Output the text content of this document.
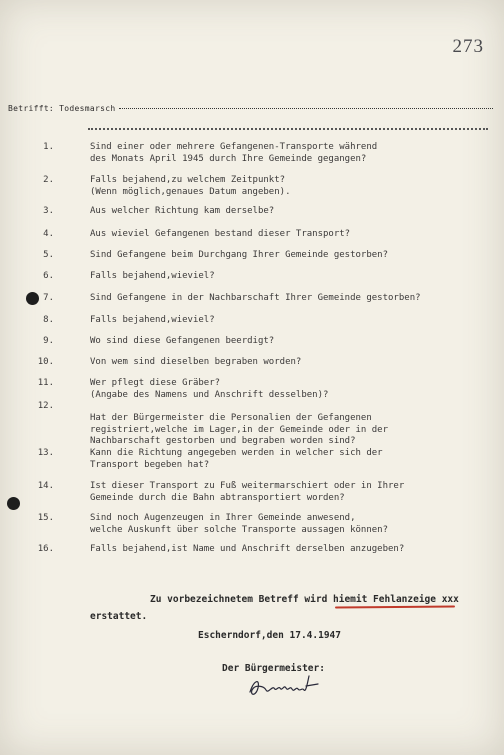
273
Betrifft: Todesmarsch
1.	Sind einer oder mehrere Gefangenen-Transporte während
des Monats April 1945 durch Ihre Gemeinde gegangen?
2.	Falls bejahend,zu welchem Zeitpunkt?
(Wenn möglich,genaues Datum angeben).
3.	Aus welcher Richtung kam derselbe?
4.	Aus wieviel Gefangenen bestand dieser Transport?
5.	Sind Gefangene beim Durchgang Ihrer Gemeinde gestorben?
6.	Falls bejahend,wieviel?
7.	Sind Gefangene in der Nachbarschaft Ihrer Gemeinde gestorben?
8.	Falls bejahend,wieviel?
9.	Wo sind diese Gefangenen beerdigt?
10.	Von wem sind dieselben begraben worden?
11.	Wer pflegt diese Gräber?
(Angabe des Namens und Anschrift desselben)?
12.
Hat der Bürgermeister die Personalien der Gefangenen
registriert,welche im Lager,in der Gemeinde oder in der
Nachbarschaft gestorben und begraben worden sind?
13.	Kann die Richtung angegeben werden in welcher sich der
Transport begeben hat?
14.	Ist dieser Transport zu Fuß weitermarschiert oder in Ihrer
Gemeinde durch die Bahn abtransportiert worden?
15.	Sind noch Augenzeugen in Ihrer Gemeinde anwesend,
welche Auskunft über solche Transporte aussagen können?
16.	Falls bejahend,ist Name und Anschrift derselben anzugeben?
Zu vorbezeichnetem Betreff wird hiemit Fehlanzeige xxx
erstattet.
Escherndorf,den 17.4.1947
Der Bürgermeister:
